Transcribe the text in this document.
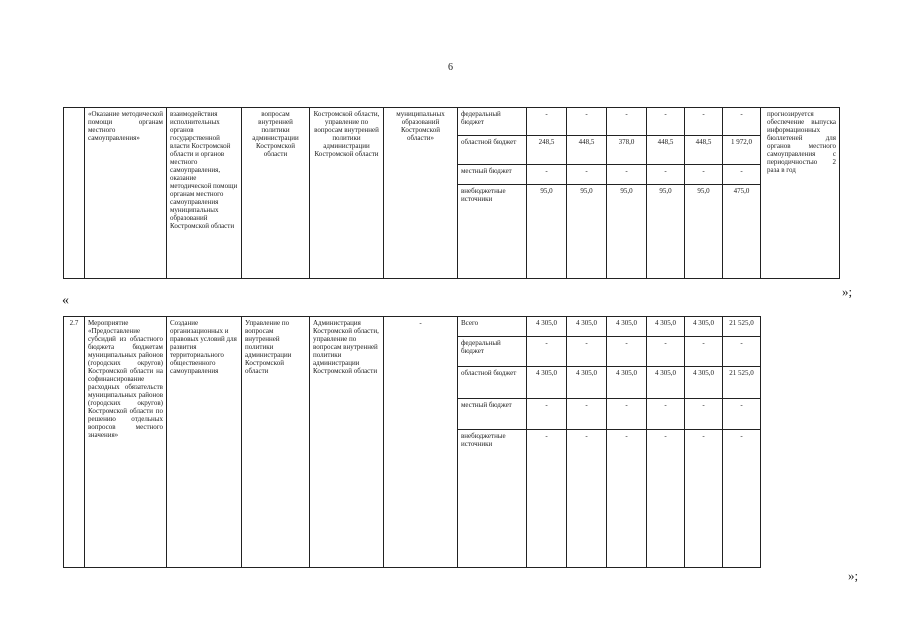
6
	«Оказание методической помощи органам местного самоуправления»	взаимодействия исполнительных органов государственной власти Костромской области и органов местного самоуправления, оказание методической помощи органам местного самоуправления муниципальных образований Костромской области	вопросам внутренней политики администрации Костромской области	Костромской области, управление по вопросам внутренней политики администрации Костромской области	муниципальных образований Костромской области»	федеральный бюджет	-	-	-	-	-	-	прогнозируется обеспечение выпуска информационных бюллетеней для органов местного самоуправления с периодичностью 2 раза в год
						областной бюджет	248,5	448,5	378,0	448,5	448,5	1 972,0	
						местный бюджет	-	-	-	-	-	-	
						внебюджетные источники	95,0	95,0	95,0	95,0	95,0	475,0	
»;
«
2.7	Мероприятие «Предоставление субсидий из областного бюджета бюджетам муниципальных районов (городских округов) Костромской области на софинансирование расходных обязательств муниципальных районов (городских округов) Костромской области по решению отдельных вопросов местного значения»	Создание организационных и правовых условий для развития территориального общественного самоуправления	Управление по вопросам внутренней политики администрации Костромской области	Администрация Костромской области, управление по вопросам внутренней политики администрации Костромской области	-	Всего	4 305,0	4 305,0	4 305,0	4 305,0	4 305,0	21 525,0	
						федеральный бюджет	-	-	-	-	-	-	
						областной бюджет	4 305,0	4 305,0	4 305,0	4 305,0	4 305,0	21 525,0	
						местный бюджет	-	-	-	-	-	-	
						внебюджетные источники	-	-	-	-	-	-	
»;
